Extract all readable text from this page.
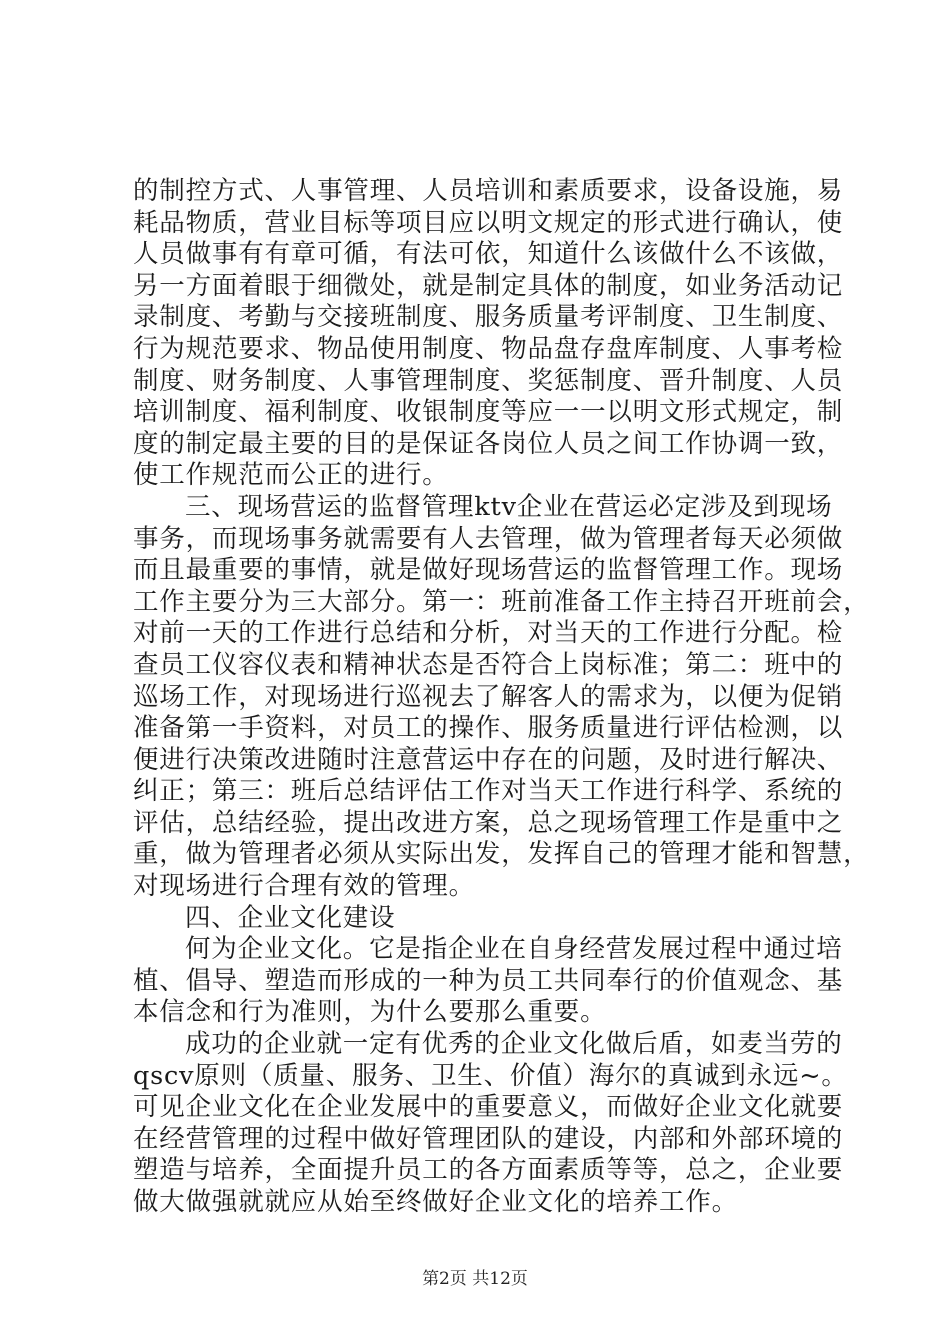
的制控方式、人事管理、人员培训和素质要求，设备设施，易
耗品物质，营业目标等项目应以明文规定的形式进行确认，使
人员做事有有章可循，有法可依，知道什么该做什么不该做，
另一方面着眼于细微处，就是制定具体的制度，如业务活动记
录制度、考勤与交接班制度、服务质量考评制度、卫生制度、
行为规范要求、物品使用制度、物品盘存盘库制度、人事考检
制度、财务制度、人事管理制度、奖惩制度、晋升制度、人员
培训制度、福利制度、收银制度等应一一以明文形式规定，制
度的制定最主要的目的是保证各岗位人员之间工作协调一致，
使工作规范而公正的进行。
三、现场营运的监督管理ktv企业在营运必定涉及到现场
事务，而现场事务就需要有人去管理，做为管理者每天必须做
而且最重要的事情，就是做好现场营运的监督管理工作。现场
工作主要分为三大部分。第一：班前准备工作主持召开班前会，
对前一天的工作进行总结和分析，对当天的工作进行分配。检
查员工仪容仪表和精神状态是否符合上岗标准；第二：班中的
巡场工作，对现场进行巡视去了解客人的需求为，以便为促销
准备第一手资料，对员工的操作、服务质量进行评估检测，以
便进行决策改进随时注意营运中存在的问题，及时进行解决、
纠正；第三：班后总结评估工作对当天工作进行科学、系统的
评估，总结经验，提出改进方案，总之现场管理工作是重中之
重，做为管理者必须从实际出发，发挥自己的管理才能和智慧，
对现场进行合理有效的管理。
四、企业文化建设
何为企业文化。它是指企业在自身经营发展过程中通过培
植、倡导、塑造而形成的一种为员工共同奉行的价值观念、基
本信念和行为准则，为什么要那么重要。
成功的企业就一定有优秀的企业文化做后盾，如麦当劳的
qscv原则（质量、服务、卫生、价值）海尔的真诚到永远~。
可见企业文化在企业发展中的重要意义，而做好企业文化就要
在经营管理的过程中做好管理团队的建设，内部和外部环境的
塑造与培养，全面提升员工的各方面素质等等，总之，企业要
做大做强就就应从始至终做好企业文化的培养工作。
第2页 共12页
